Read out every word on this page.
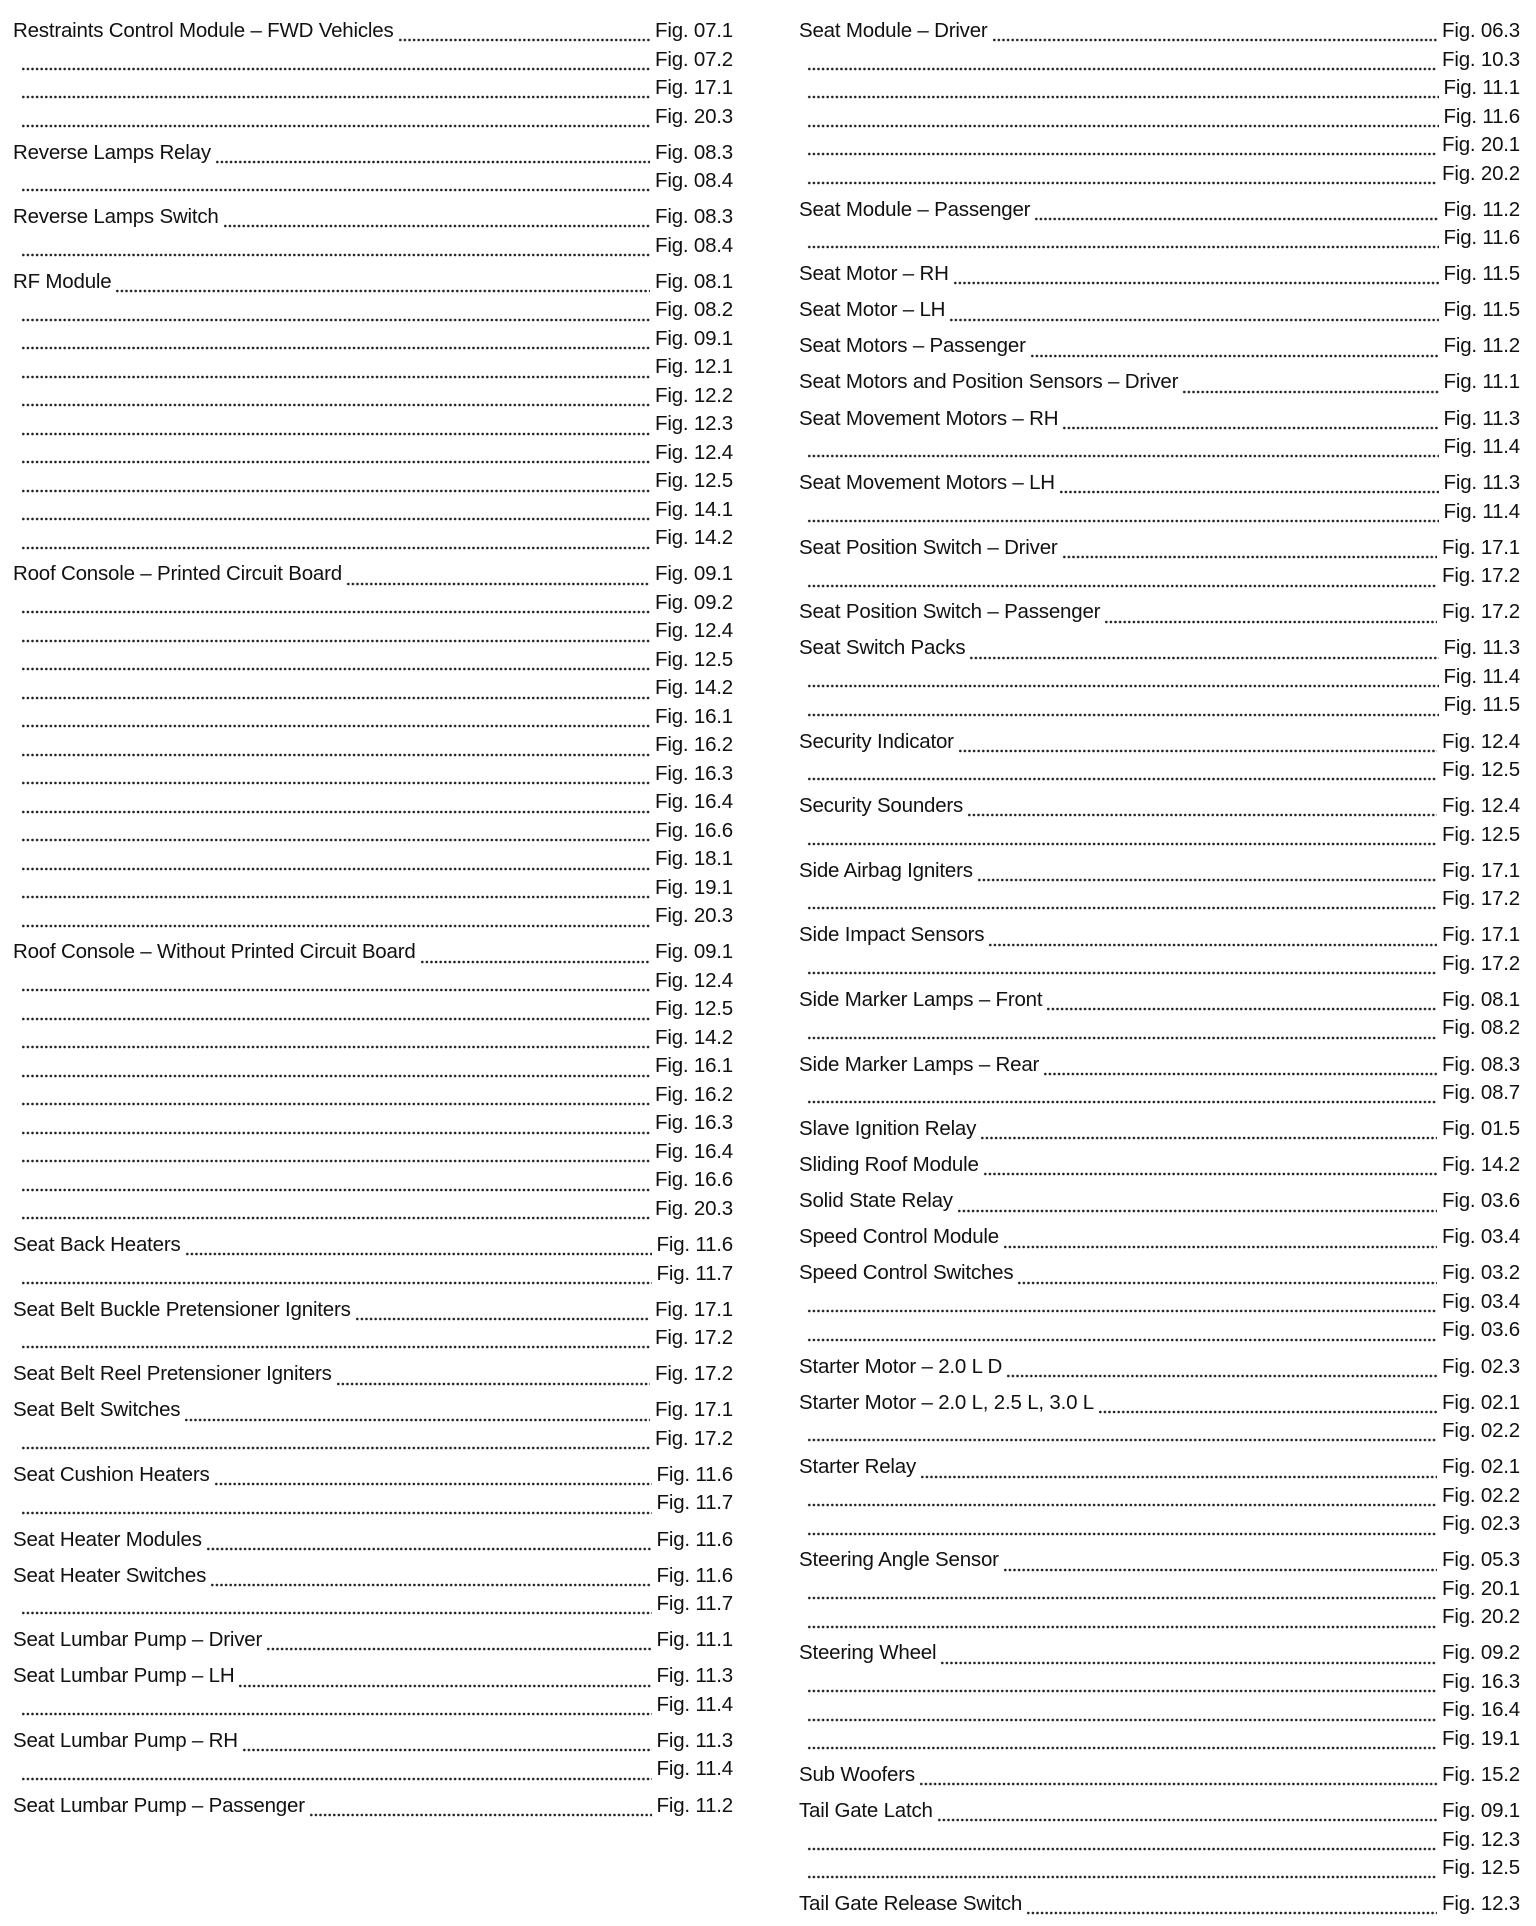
Restraints Control Module – FWD Vehicles	Fig. 07.1
Fig. 07.2
Fig. 17.1
Fig. 20.3
Reverse Lamps Relay	Fig. 08.3
Fig. 08.4
Reverse Lamps Switch	Fig. 08.3
Fig. 08.4
RF Module	Fig. 08.1
Fig. 08.2
Fig. 09.1
Fig. 12.1
Fig. 12.2
Fig. 12.3
Fig. 12.4
Fig. 12.5
Fig. 14.1
Fig. 14.2
Roof Console – Printed Circuit Board	Fig. 09.1
Fig. 09.2
Fig. 12.4
Fig. 12.5
Fig. 14.2
Fig. 16.1
Fig. 16.2
Fig. 16.3
Fig. 16.4
Fig. 16.6
Fig. 18.1
Fig. 19.1
Fig. 20.3
Roof Console – Without Printed Circuit Board	Fig. 09.1
Fig. 12.4
Fig. 12.5
Fig. 14.2
Fig. 16.1
Fig. 16.2
Fig. 16.3
Fig. 16.4
Fig. 16.6
Fig. 20.3
Seat Back Heaters	Fig. 11.6
Fig. 11.7
Seat Belt Buckle Pretensioner Igniters	Fig. 17.1
Fig. 17.2
Seat Belt Reel Pretensioner Igniters	Fig. 17.2
Seat Belt Switches	Fig. 17.1
Fig. 17.2
Seat Cushion Heaters	Fig. 11.6
Fig. 11.7
Seat Heater Modules	Fig. 11.6
Seat Heater Switches	Fig. 11.6
Fig. 11.7
Seat Lumbar Pump – Driver	Fig. 11.1
Seat Lumbar Pump – LH	Fig. 11.3
Fig. 11.4
Seat Lumbar Pump – RH	Fig. 11.3
Fig. 11.4
Seat Lumbar Pump – Passenger	Fig. 11.2
Seat Module – Driver	Fig. 06.3
Fig. 10.3
Fig. 11.1
Fig. 11.6
Fig. 20.1
Fig. 20.2
Seat Module – Passenger	Fig. 11.2
Fig. 11.6
Seat Motor – RH	Fig. 11.5
Seat Motor – LH	Fig. 11.5
Seat Motors – Passenger	Fig. 11.2
Seat Motors and Position Sensors – Driver	Fig. 11.1
Seat Movement Motors – RH	Fig. 11.3
Fig. 11.4
Seat Movement Motors – LH	Fig. 11.3
Fig. 11.4
Seat Position Switch – Driver	Fig. 17.1
Fig. 17.2
Seat Position Switch – Passenger	Fig. 17.2
Seat Switch Packs	Fig. 11.3
Fig. 11.4
Fig. 11.5
Security Indicator	Fig. 12.4
Fig. 12.5
Security Sounders	Fig. 12.4
Fig. 12.5
Side Airbag Igniters	Fig. 17.1
Fig. 17.2
Side Impact Sensors	Fig. 17.1
Fig. 17.2
Side Marker Lamps – Front	Fig. 08.1
Fig. 08.2
Side Marker Lamps – Rear	Fig. 08.3
Fig. 08.7
Slave Ignition Relay	Fig. 01.5
Sliding Roof Module	Fig. 14.2
Solid State Relay	Fig. 03.6
Speed Control Module	Fig. 03.4
Speed Control Switches	Fig. 03.2
Fig. 03.4
Fig. 03.6
Starter Motor – 2.0 L D	Fig. 02.3
Starter Motor – 2.0 L, 2.5 L, 3.0 L	Fig. 02.1
Fig. 02.2
Starter Relay	Fig. 02.1
Fig. 02.2
Fig. 02.3
Steering Angle Sensor	Fig. 05.3
Fig. 20.1
Fig. 20.2
Steering Wheel	Fig. 09.2
Fig. 16.3
Fig. 16.4
Fig. 19.1
Sub Woofers	Fig. 15.2
Tail Gate Latch	Fig. 09.1
Fig. 12.3
Fig. 12.5
Tail Gate Release Switch	Fig. 12.3
